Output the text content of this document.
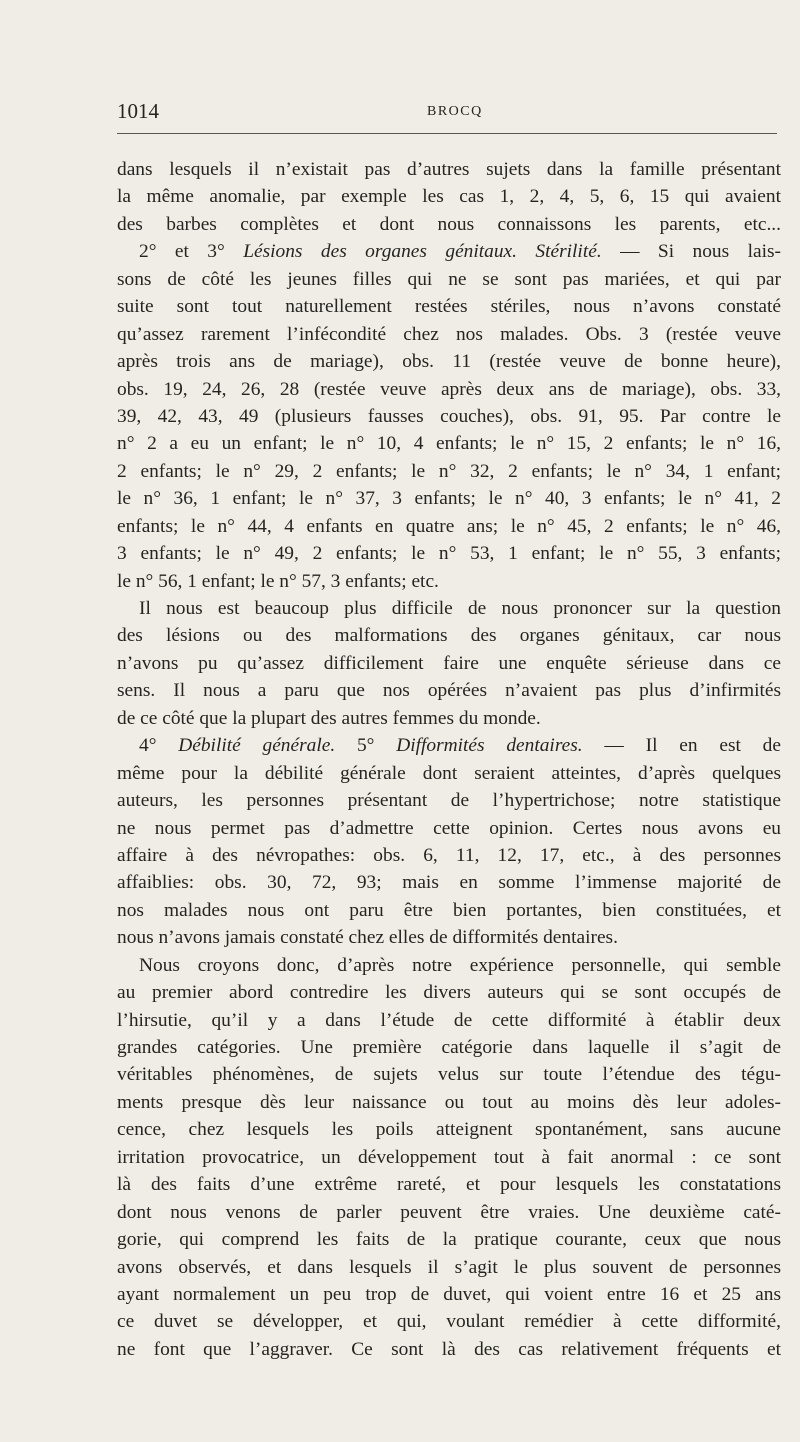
1014	BROCQ
dans lesquels il n’existait pas d’autres sujets dans la famille présentant
la même anomalie, par exemple les cas 1, 2, 4, 5, 6, 15 qui avaient
des barbes complètes et dont nous connaissons les parents, etc...
2° et 3° Lésions des organes génitaux. Stérilité. — Si nous lais-
sons de côté les jeunes filles qui ne se sont pas mariées, et qui par
suite sont tout naturellement restées stériles, nous n’avons constaté
qu’assez rarement l’infécondité chez nos malades. Obs. 3 (restée veuve
après trois ans de mariage), obs. 11 (restée veuve de bonne heure),
obs. 19, 24, 26, 28 (restée veuve après deux ans de mariage), obs. 33,
39, 42, 43, 49 (plusieurs fausses couches), obs. 91, 95. Par contre le
n° 2 a eu un enfant; le n° 10, 4 enfants; le n° 15, 2 enfants; le n° 16,
2 enfants; le n° 29, 2 enfants; le n° 32, 2 enfants; le n° 34, 1 enfant;
le n° 36, 1 enfant; le n° 37, 3 enfants; le n° 40, 3 enfants; le n° 41, 2
enfants; le n° 44, 4 enfants en quatre ans; le n° 45, 2 enfants; le n° 46,
3 enfants; le n° 49, 2 enfants; le n° 53, 1 enfant; le n° 55, 3 enfants;
le n° 56, 1 enfant; le n° 57, 3 enfants; etc.
Il nous est beaucoup plus difficile de nous prononcer sur la question
des lésions ou des malformations des organes génitaux, car nous
n’avons pu qu’assez difficilement faire une enquête sérieuse dans ce
sens. Il nous a paru que nos opérées n’avaient pas plus d’infirmités
de ce côté que la plupart des autres femmes du monde.
4° Débilité générale. 5° Difformités dentaires. — Il en est de
même pour la débilité générale dont seraient atteintes, d’après quelques
auteurs, les personnes présentant de l’hypertrichose; notre statistique
ne nous permet pas d’admettre cette opinion. Certes nous avons eu
affaire à des névropathes: obs. 6, 11, 12, 17, etc., à des personnes
affaiblies: obs. 30, 72, 93; mais en somme l’immense majorité de
nos malades nous ont paru être bien portantes, bien constituées, et
nous n’avons jamais constaté chez elles de difformités dentaires.
Nous croyons donc, d’après notre expérience personnelle, qui semble
au premier abord contredire les divers auteurs qui se sont occupés de
l’hirsutie, qu’il y a dans l’étude de cette difformité à établir deux
grandes catégories. Une première catégorie dans laquelle il s’agit de
véritables phénomènes, de sujets velus sur toute l’étendue des tégu-
ments presque dès leur naissance ou tout au moins dès leur adoles-
cence, chez lesquels les poils atteignent spontanément, sans aucune
irritation provocatrice, un développement tout à fait anormal : ce sont
là des faits d’une extrême rareté, et pour lesquels les constatations
dont nous venons de parler peuvent être vraies. Une deuxième caté-
gorie, qui comprend les faits de la pratique courante, ceux que nous
avons observés, et dans lesquels il s’agit le plus souvent de personnes
ayant normalement un peu trop de duvet, qui voient entre 16 et 25 ans
ce duvet se développer, et qui, voulant remédier à cette difformité,
ne font que l’aggraver. Ce sont là des cas relativement fréquents et
